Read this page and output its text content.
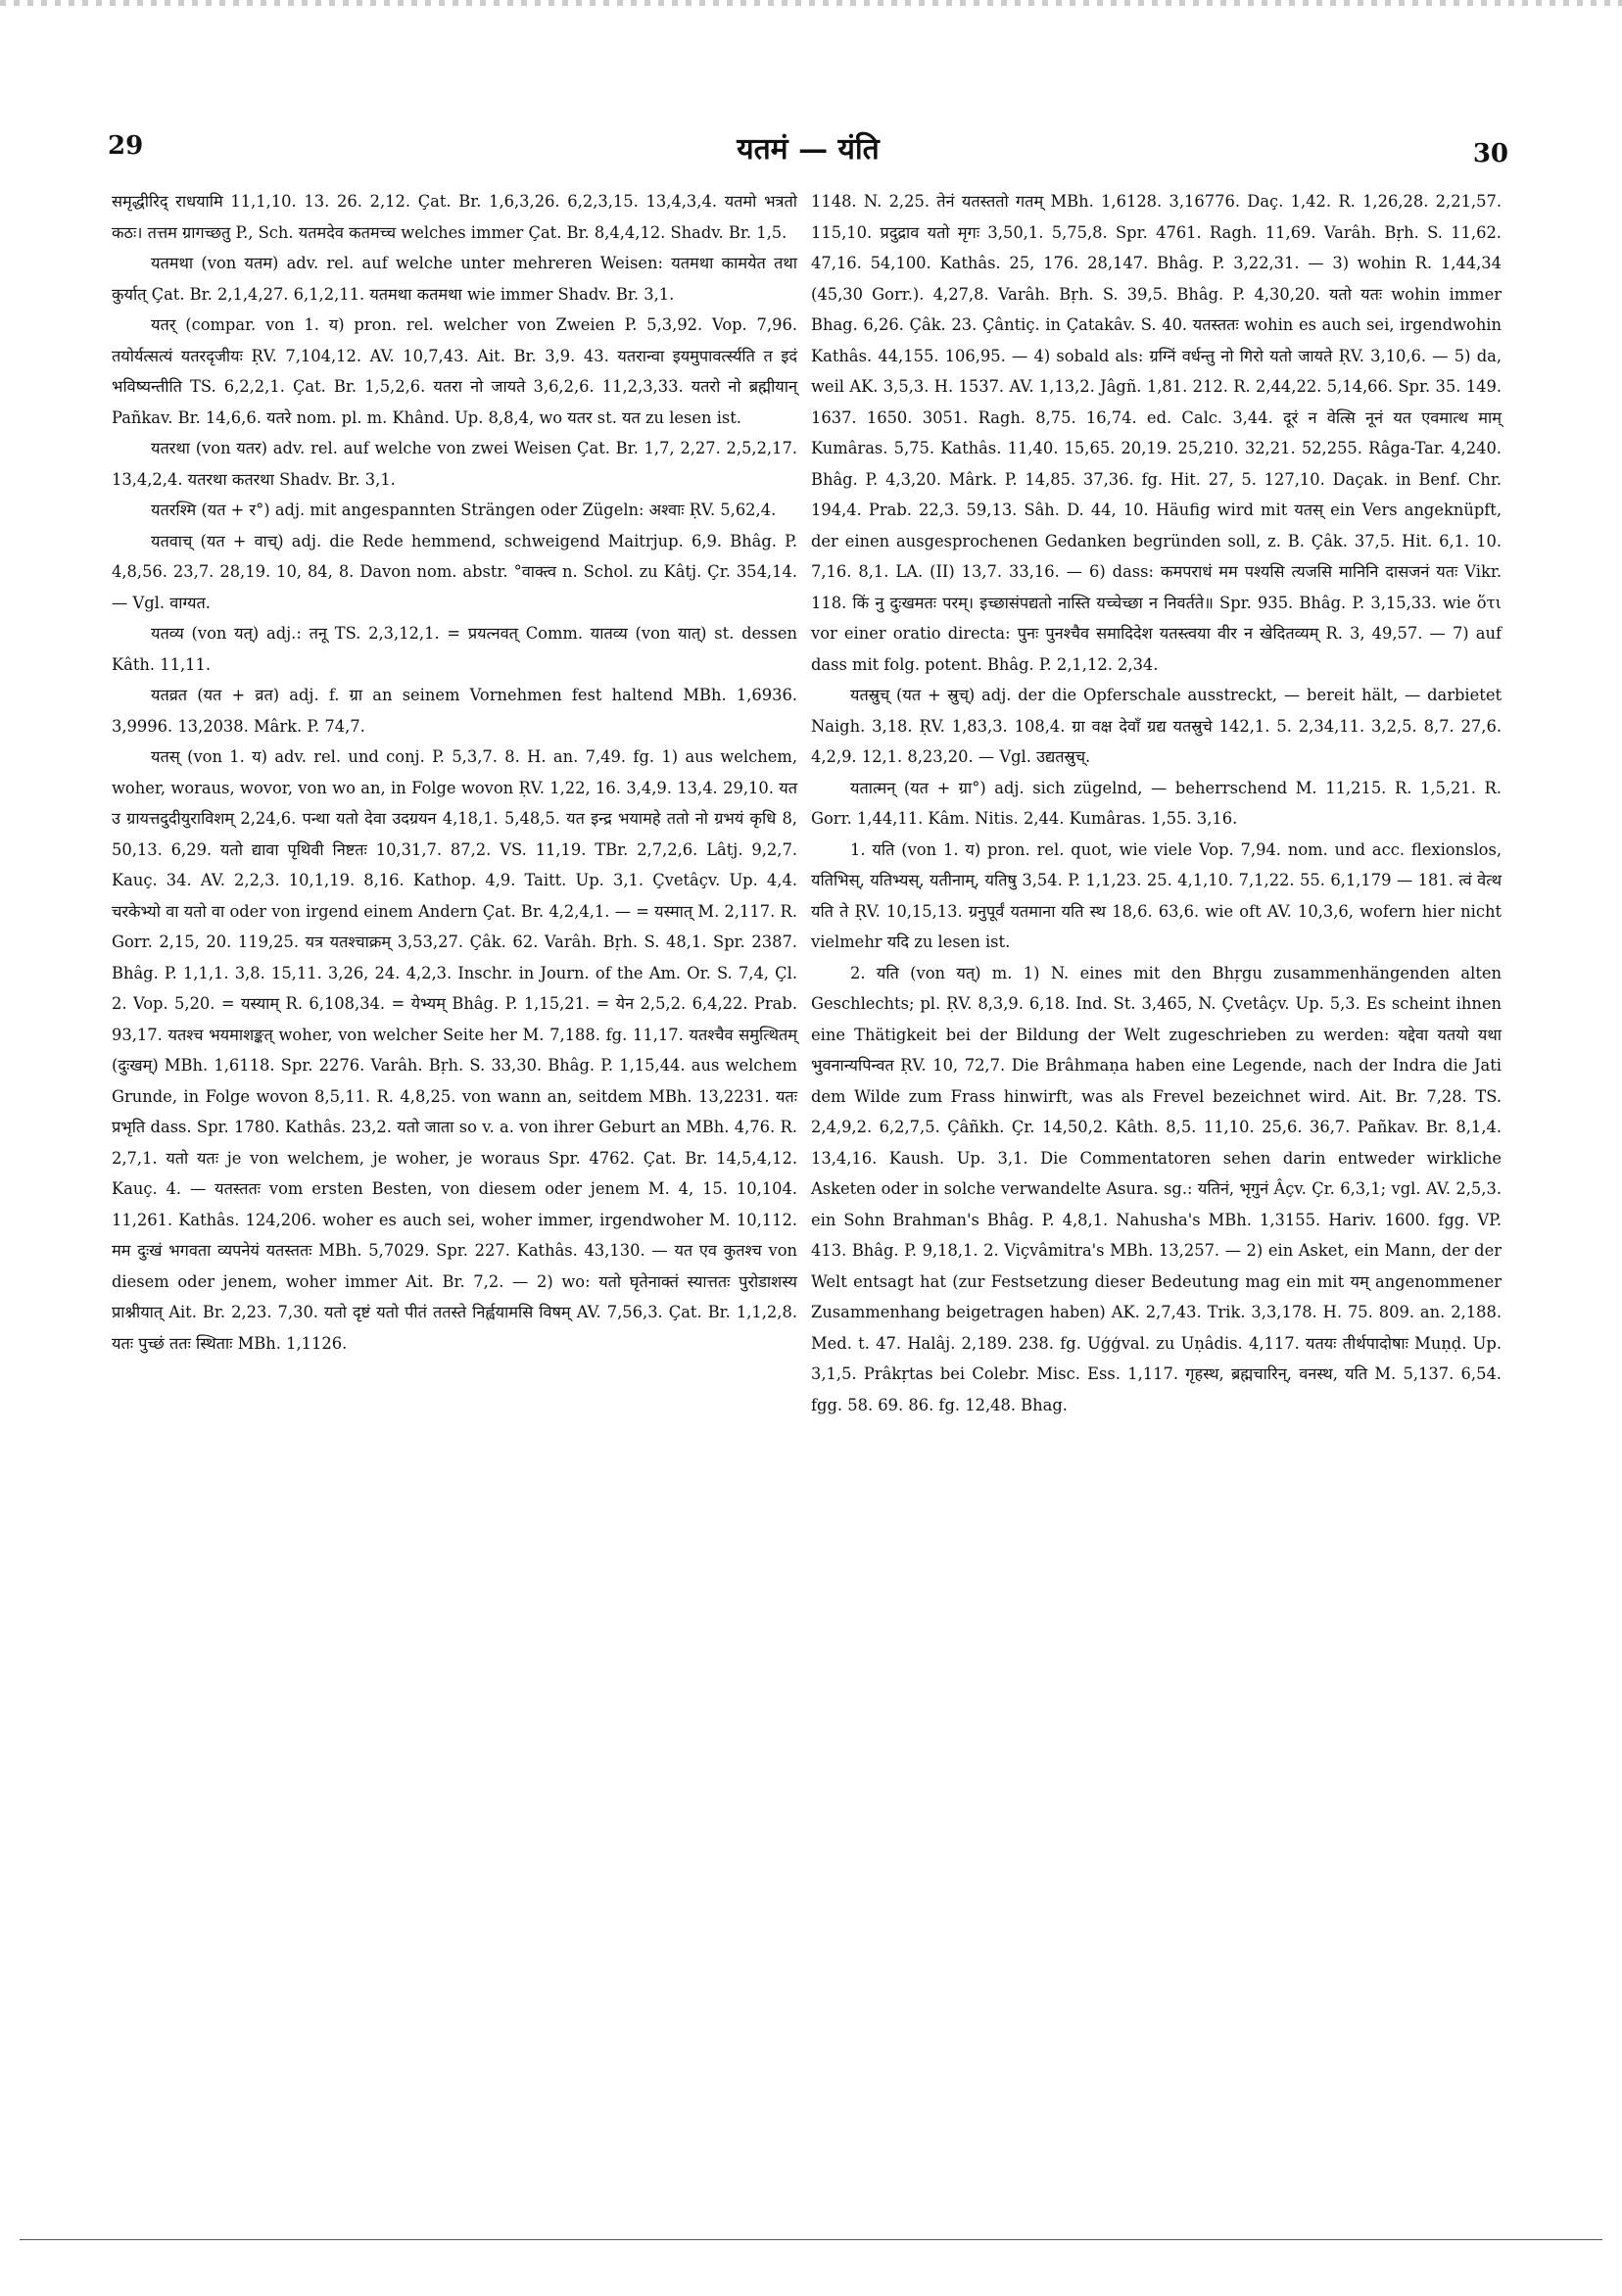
29	यतमं — यंति	30

समृद्धीरिद् राधयामि 11,1,10. 13. 26. 2,12. Çat. Br. 1,6,3,26. 6,2,3,15. 13,4,3,4. यतमो भत्रतो कठः। तत्तम ग्रागच्छतु P., Sch. यतमदेव कतमच्च welches immer Çat. Br. 8,4,4,12. Shadv. Br. 1,5.

यतमथा (von यतम) adv. rel. auf welche unter mehreren Weisen: यतमथा कामयेत तथा कुर्यात् Çat. Br. 2,1,4,27. 6,1,2,11. यतमथा कतमथा wie immer Shadv. Br. 3,1.

यतर् (compar. von 1. य) pron. rel. welcher von Zweien P. 5,3,92. Vop. 7,96. तयोर्यत्सत्यं यतरदृजीयः ṚV. 7,104,12. AV. 10,7,43. Ait. Br. 3,9. 43. यतरान्वा इयमुपावर्त्स्यति त इदं भविष्यन्तीति TS. 6,2,2,1. Çat. Br. 1,5,2,6. यतरा नो जायते 3,6,2,6. 11,2,3,33. यतरो नो ब्रह्मीयान् Pañkav. Br. 14,6,6. यतरे nom. pl. m. Khând. Up. 8,8,4, wo यतर st. यत zu lesen ist.

यतरथा (von यतर) adv. rel. auf welche von zwei Weisen Çat. Br. 1,7, 2,27. 2,5,2,17. 13,4,2,4. यतरथा कतरथा Shadv. Br. 3,1.

यतरश्मि (यत + र°) adj. mit angespannten Strängen oder Zügeln: अश्वाः ṚV. 5,62,4.

यतवाच् (यत + वाच्) adj. die Rede hemmend, schweigend Maitrjup. 6,9. Bhâg. P. 4,8,56. 23,7. 28,19. 10, 84, 8. Davon nom. abstr. °वाक्त्व n. Schol. zu Kâtj. Çr. 354,14. — Vgl. वाग्यत.

यतव्य (von यत्) adj.: तनू TS. 2,3,12,1. = प्रयत्नवत् Comm. यातव्य (von यात्) st. dessen Kâth. 11,11.

यतव्रत (यत + व्रत) adj. f. ग्रा an seinem Vornehmen fest haltend MBh. 1,6936. 3,9996. 13,2038. Mârk. P. 74,7.

यतस् (von 1. य) adv. rel. und conj. P. 5,3,7. 8. H. an. 7,49. fg. 1) aus welchem, woher, woraus, wovor, von wo an, in Folge wovon ṚV. 1,22, 16. 3,4,9. 13,4. 29,10. यत उ ग्रायत्तदुदीयुराविशम् 2,24,6. पन्था यतो देवा उदग्रयन 4,18,1. 5,48,5. यत इन्द्र भयामहे ततो नो ग्रभयं कृधि 8, 50,13. 6,29. यतो द्यावा पृथिवी निष्टतः 10,31,7. 87,2. VS. 11,19. TBr. 2,7,2,6. Lâtj. 9,2,7. Kauç. 34. AV. 2,2,3. 10,1,19. 8,16. Kathop. 4,9. Taitt. Up. 3,1. Çvetâçv. Up. 4,4. चरकेभ्यो वा यतो वा oder von irgend einem Andern Çat. Br. 4,2,4,1. — = यस्मात् M. 2,117. R. Gorr. 2,15, 20. 119,25. यत्र यतश्चाक्रम् 3,53,27. Çâk. 62. Varâh. Bṛh. S. 48,1. Spr. 2387. Bhâg. P. 1,1,1. 3,8. 15,11. 3,26, 24. 4,2,3. Inschr. in Journ. of the Am. Or. S. 7,4, Çl. 2. Vop. 5,20. = यस्याम् R. 6,108,34. = येभ्यम् Bhâg. P. 1,15,21. = येन 2,5,2. 6,4,22. Prab. 93,17. यतश्च भयमाशङ्कत् woher, von welcher Seite her M. 7,188. fg. 11,17. यतश्चैव समुत्थितम् (दुःखम्) MBh. 1,6118. Spr. 2276. Varâh. Bṛh. S. 33,30. Bhâg. P. 1,15,44. aus welchem Grunde, in Folge wovon 8,5,11. R. 4,8,25. von wann an, seitdem MBh. 13,2231. यतः प्रभृति dass. Spr. 1780. Kathâs. 23,2. यतो जाता so v. a. von ihrer Geburt an MBh. 4,76. R. 2,7,1. यतो यतः je von welchem, je woher, je woraus Spr. 4762. Çat. Br. 14,5,4,12. Kauç. 4. — यतस्ततः vom ersten Besten, von diesem oder jenem M. 4, 15. 10,104. 11,261. Kathâs. 124,206. woher es auch sei, woher immer, irgendwoher M. 10,112. मम दुःखं भगवता व्यपनेयं यतस्ततः MBh. 5,7029. Spr. 227. Kathâs. 43,130. — यत एव कुतश्च von diesem oder jenem, woher immer Ait. Br. 7,2. — 2) wo: यतो घृतेनाक्तं स्यात्ततः पुरोडाशस्य प्राश्नीयात् Ait. Br. 2,23. 7,30. यतो दृष्टं यतो पीतं ततस्ते निर्ह्वयामसि विषम् AV. 7,56,3. Çat. Br. 1,1,2,8. यतः पुच्छं ततः स्थिताः MBh. 1,1126.

1148. N. 2,25. तेनं यतस्ततो गतम् MBh. 1,6128. 3,16776. Daç. 1,42. R. 1,26,28. 2,21,57. 115,10. प्रदुद्राव यतो मृगः 3,50,1. 5,75,8. Spr. 4761. Ragh. 11,69. Varâh. Bṛh. S. 11,62. 47,16. 54,100. Kathâs. 25, 176. 28,147. Bhâg. P. 3,22,31. — 3) wohin R. 1,44,34 (45,30 Gorr.). 4,27,8. Varâh. Bṛh. S. 39,5. Bhâg. P. 4,30,20. यतो यतः wohin immer Bhag. 6,26. Çâk. 23. Çântiç. in Çatakâv. S. 40. यतस्ततः wohin es auch sei, irgendwohin Kathâs. 44,155. 106,95. — 4) sobald als: ग्रग्निं वर्धन्तु नो गिरो यतो जायते ṚV. 3,10,6. — 5) da, weil AK. 3,5,3. H. 1537. AV. 1,13,2. Jâgñ. 1,81. 212. R. 2,44,22. 5,14,66. Spr. 35. 149. 1637. 1650. 3051. Ragh. 8,75. 16,74. ed. Calc. 3,44. दूरं न वेत्सि नूनं यत एवमात्थ माम् Kumâras. 5,75. Kathâs. 11,40. 15,65. 20,19. 25,210. 32,21. 52,255. Râga-Tar. 4,240. Bhâg. P. 4,3,20. Mârk. P. 14,85. 37,36. fg. Hit. 27, 5. 127,10. Daçak. in Benf. Chr. 194,4. Prab. 22,3. 59,13. Sâh. D. 44, 10. Häufig wird mit यतस् ein Vers angeknüpft, der einen ausgesprochenen Gedanken begründen soll, z. B. Çâk. 37,5. Hit. 6,1. 10. 7,16. 8,1. LA. (II) 13,7. 33,16. — 6) dass: कमपराधं मम पश्यसि त्यजसि मानिनि दासजनं यतः Vikr. 118. किं नु दुःखमतः परम्। इच्छासंपद्यतो नास्ति यच्चेच्छा न निवर्तते॥ Spr. 935. Bhâg. P. 3,15,33. wie ὅτι vor einer oratio directa: पुनः पुनश्चैव समादिदेश यतस्त्वया वीर न खेदितव्यम् R. 3, 49,57. — 7) auf dass mit folg. potent. Bhâg. P. 2,1,12. 2,34.

यतस्रुच् (यत + स्रुच्) adj. der die Opferschale ausstreckt, — bereit hält, — darbietet Naigh. 3,18. ṚV. 1,83,3. 108,4. ग्रा वक्ष देवाँ ग्रद्य यतस्रुचे 142,1. 5. 2,34,11. 3,2,5. 8,7. 27,6. 4,2,9. 12,1. 8,23,20. — Vgl. उद्यतस्रुच्.

यतात्मन् (यत + ग्रा°) adj. sich zügelnd, — beherrschend M. 11,215. R. 1,5,21. R. Gorr. 1,44,11. Kâm. Nitis. 2,44. Kumâras. 1,55. 3,16.

1. यति (von 1. य) pron. rel. quot, wie viele Vop. 7,94. nom. und acc. flexionslos, यतिभिस्, यतिभ्यस्, यतीनाम्, यतिषु 3,54. P. 1,1,23. 25. 4,1,10. 7,1,22. 55. 6,1,179 — 181. त्वं वेत्थ यति ते ṚV. 10,15,13. ग्रनुपूर्वं यतमाना यति स्थ 18,6. 63,6. wie oft AV. 10,3,6, wofern hier nicht vielmehr यदि zu lesen ist.

2. यति (von यत्) m. 1) N. eines mit den Bhṛgu zusammenhängenden alten Geschlechts; pl. ṚV. 8,3,9. 6,18. Ind. St. 3,465, N. Çvetâçv. Up. 5,3. Es scheint ihnen eine Thätigkeit bei der Bildung der Welt zugeschrieben zu werden: यद्देवा यतयो यथा भुवनान्यपिन्वत ṚV. 10, 72,7. Die Brâhmaṇa haben eine Legende, nach der Indra die Jati dem Wilde zum Frass hinwirft, was als Frevel bezeichnet wird. Ait. Br. 7,28. TS. 2,4,9,2. 6,2,7,5. Çâñkh. Çr. 14,50,2. Kâth. 8,5. 11,10. 25,6. 36,7. Pañkav. Br. 8,1,4. 13,4,16. Kaush. Up. 3,1. Die Commentatoren sehen darin entweder wirkliche Asketen oder in solche verwandelte Asura. sg.: यतिनं, भृगुनं Âçv. Çr. 6,3,1; vgl. AV. 2,5,3. ein Sohn Brahman's Bhâg. P. 4,8,1. Nahusha's MBh. 1,3155. Hariv. 1600. fgg. VP. 413. Bhâg. P. 9,18,1. 2. Viçvâmitra's MBh. 13,257. — 2) ein Asket, ein Mann, der der Welt entsagt hat (zur Festsetzung dieser Bedeutung mag ein mit यम् angenommener Zusammenhang beigetragen haben) AK. 2,7,43. Trik. 3,3,178. H. 75. 809. an. 2,188. Med. t. 47. Halâj. 2,189. 238. fg. Uģģval. zu Uṇâdis. 4,117. यतयः तीर्थपादोषाः Muṇḍ. Up. 3,1,5. Prâkṛtas bei Colebr. Misc. Ess. 1,117. गृहस्थ, ब्रह्मचारिन्, वनस्थ, यति M. 5,137. 6,54. fgg. 58. 69. 86. fg. 12,48. Bhag.
